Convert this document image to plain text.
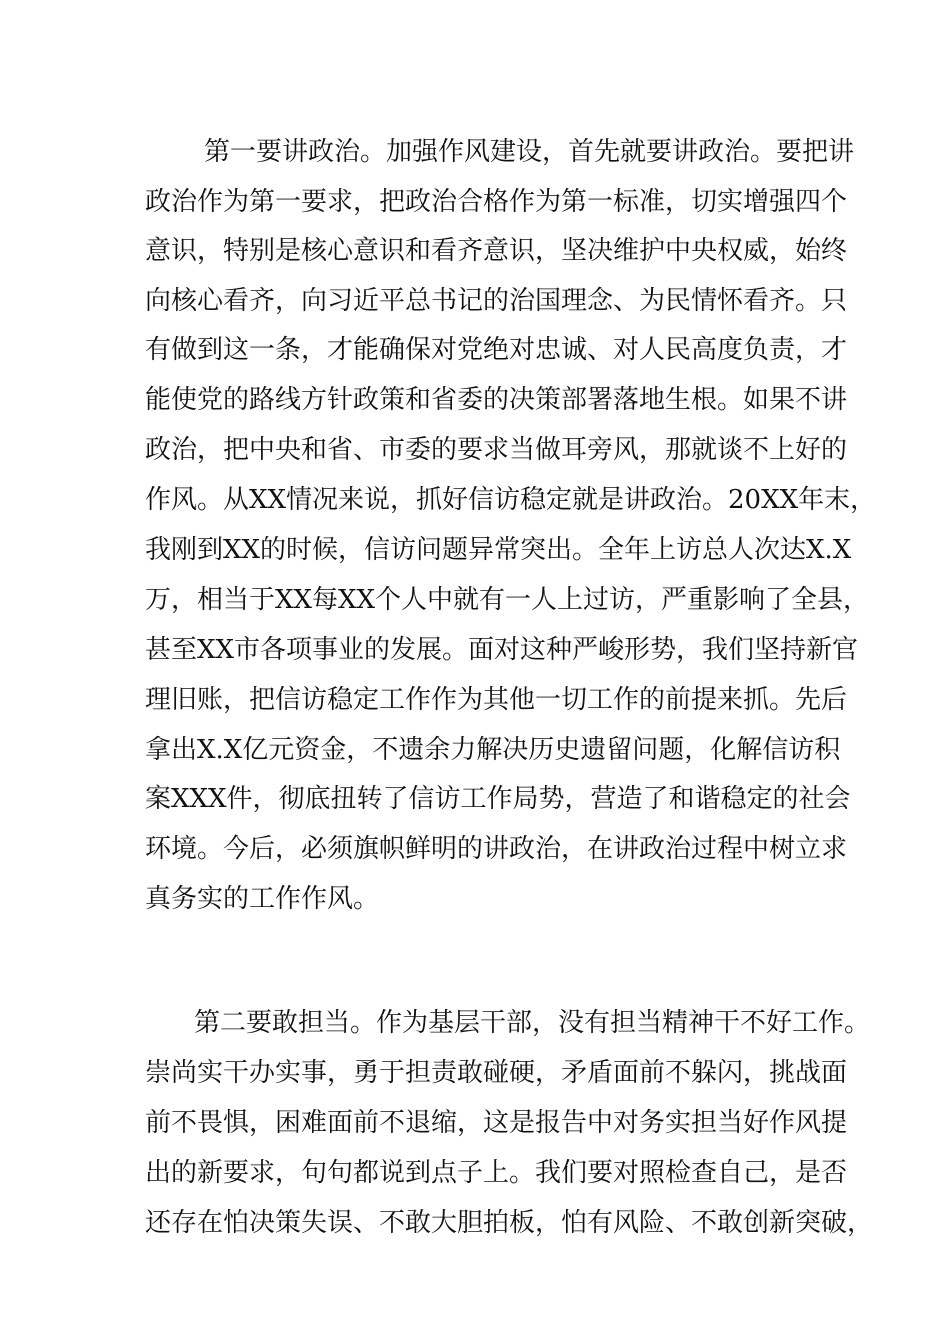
第一要讲政治。加强作风建设，首先就要讲政治。要把讲
政治作为第一要求，把政治合格作为第一标准，切实增强四个
意识，特别是核心意识和看齐意识，坚决维护中央权威，始终
向核心看齐，向习近平总书记的治国理念、为民情怀看齐。只
有做到这一条，才能确保对党绝对忠诚、对人民高度负责，才
能使党的路线方针政策和省委的决策部署落地生根。如果不讲
政治，把中央和省、市委的要求当做耳旁风，那就谈不上好的
作风。从XX情况来说，抓好信访稳定就是讲政治。20XX年末，
我刚到XX的时候，信访问题异常突出。全年上访总人次达X.X
万，相当于XX每XX个人中就有一人上过访，严重影响了全县，
甚至XX市各项事业的发展。面对这种严峻形势，我们坚持新官
理旧账，把信访稳定工作作为其他一切工作的前提来抓。先后
拿出X.X亿元资金，不遗余力解决历史遗留问题，化解信访积
案XXX件，彻底扭转了信访工作局势，营造了和谐稳定的社会
环境。今后，必须旗帜鲜明的讲政治，在讲政治过程中树立求
真务实的工作作风。
第二要敢担当。作为基层干部，没有担当精神干不好工作。
崇尚实干办实事，勇于担责敢碰硬，矛盾面前不躲闪，挑战面
前不畏惧，困难面前不退缩，这是报告中对务实担当好作风提
出的新要求，句句都说到点子上。我们要对照检查自己，是否
还存在怕决策失误、不敢大胆拍板，怕有风险、不敢创新突破，
